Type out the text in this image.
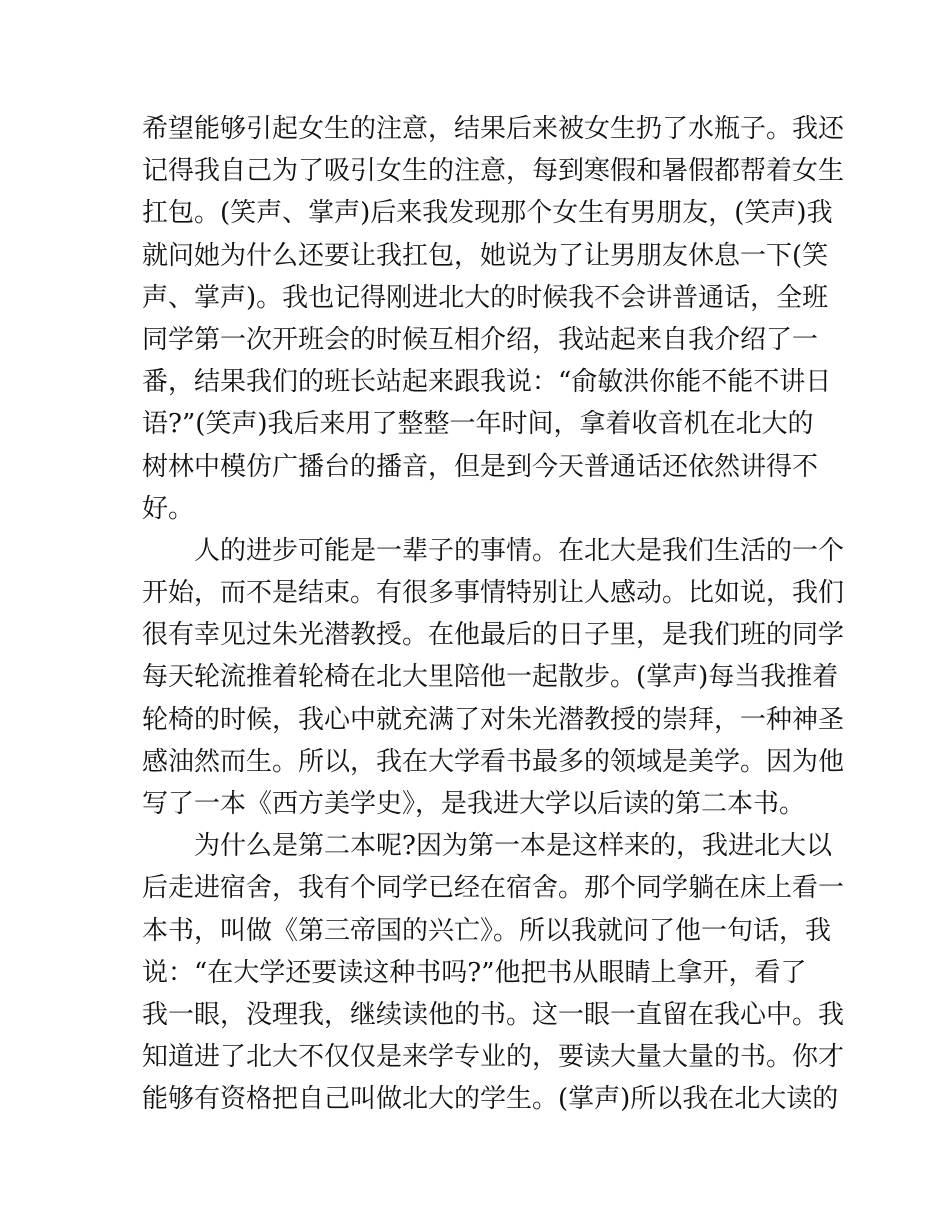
希望能够引起女生的注意，结果后来被女生扔了水瓶子。我还
记得我自己为了吸引女生的注意，每到寒假和暑假都帮着女生
扛包。(笑声、掌声)后来我发现那个女生有男朋友，(笑声)我
就问她为什么还要让我扛包，她说为了让男朋友休息一下(笑
声、掌声)。我也记得刚进北大的时候我不会讲普通话，全班
同学第一次开班会的时候互相介绍，我站起来自我介绍了一
番，结果我们的班长站起来跟我说：“俞敏洪你能不能不讲日
语?”(笑声)我后来用了整整一年时间，拿着收音机在北大的
树林中模仿广播台的播音，但是到今天普通话还依然讲得不
好。
人的进步可能是一辈子的事情。在北大是我们生活的一个
开始，而不是结束。有很多事情特别让人感动。比如说，我们
很有幸见过朱光潜教授。在他最后的日子里，是我们班的同学
每天轮流推着轮椅在北大里陪他一起散步。(掌声)每当我推着
轮椅的时候，我心中就充满了对朱光潜教授的崇拜，一种神圣
感油然而生。所以，我在大学看书最多的领域是美学。因为他
写了一本《西方美学史》，是我进大学以后读的第二本书。
为什么是第二本呢?因为第一本是这样来的，我进北大以
后走进宿舍，我有个同学已经在宿舍。那个同学躺在床上看一
本书，叫做《第三帝国的兴亡》。所以我就问了他一句话，我
说：“在大学还要读这种书吗?”他把书从眼睛上拿开，看了
我一眼，没理我，继续读他的书。这一眼一直留在我心中。我
知道进了北大不仅仅是来学专业的，要读大量大量的书。你才
能够有资格把自己叫做北大的学生。(掌声)所以我在北大读的
